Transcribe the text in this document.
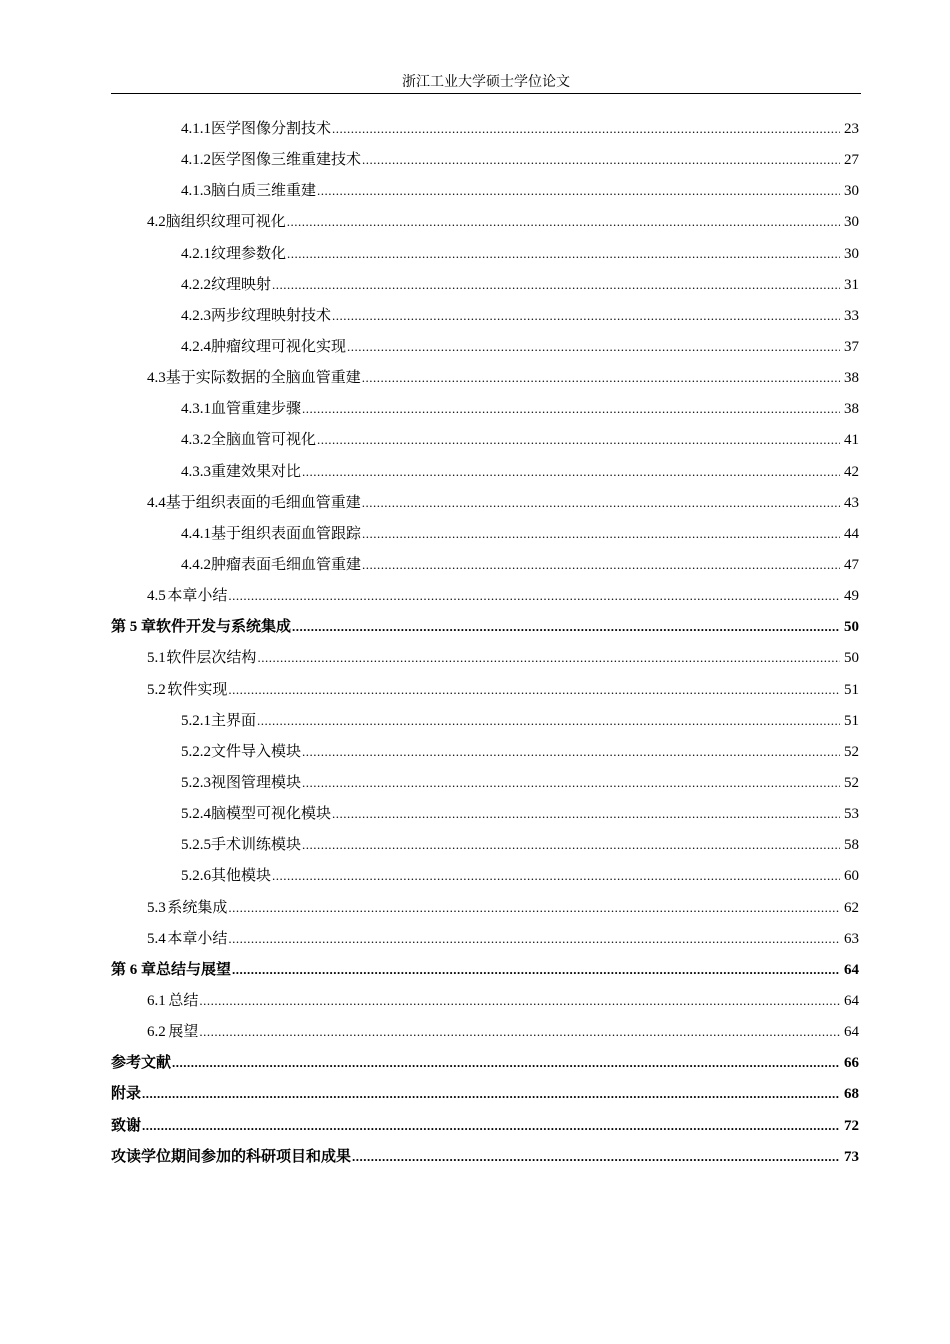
浙江工业大学硕士学位论文
4.1.1 医学图像分割技术 .....	23
4.1.2 医学图像三维重建技术 .....	27
4.1.3 脑白质三维重建 .....	30
4.2 脑组织纹理可视化 .....	30
4.2.1 纹理参数化 .....	30
4.2.2 纹理映射 .....	31
4.2.3 两步纹理映射技术 .....	33
4.2.4 肿瘤纹理可视化实现 .....	37
4.3 基于实际数据的全脑血管重建 .....	38
4.3.1 血管重建步骤 .....	38
4.3.2 全脑血管可视化 .....	41
4.3.3 重建效果对比 .....	42
4.4 基于组织表面的毛细血管重建 .....	43
4.4.1 基于组织表面血管跟踪 .....	44
4.4.2 肿瘤表面毛细血管重建 .....	47
4.5 本章小结 .....	49
第 5 章 软件开发与系统集成 .....	50
5.1 软件层次结构 .....	50
5.2 软件实现 .....	51
5.2.1 主界面 .....	51
5.2.2 文件导入模块 .....	52
5.2.3 视图管理模块 .....	52
5.2.4 脑模型可视化模块 .....	53
5.2.5 手术训练模块 .....	58
5.2.6 其他模块 .....	60
5.3 系统集成 .....	62
5.4 本章小结 .....	63
第 6 章 总结与展望 .....	64
6.1 总结 .....	64
6.2 展望 .....	64
参考文献 .....	66
附录 .....	68
致谢 .....	72
攻读学位期间参加的科研项目和成果 .....	73
